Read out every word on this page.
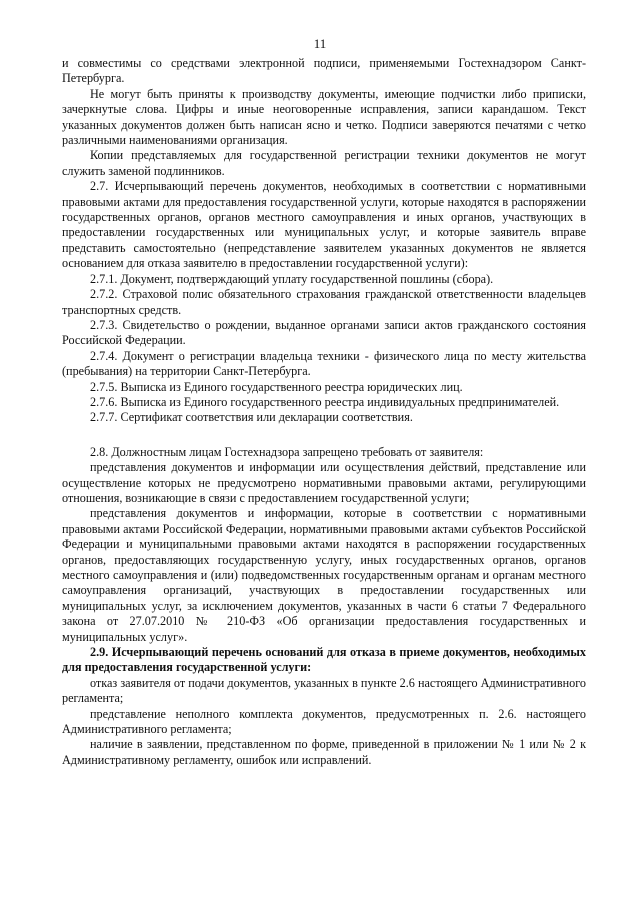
11

и совместимы со средствами электронной подписи, применяемыми Гостехнадзором Санкт-Петербурга.

Не могут быть приняты к производству документы, имеющие подчистки либо приписки, зачеркнутые слова. Цифры и иные неоговоренные исправления, записи карандашом. Текст указанных документов должен быть написан ясно и четко. Подписи заверяются печатями с четко различными наименованиями организация.

Копии представляемых для государственной регистрации техники документов не могут служить заменой подлинников.

2.7. Исчерпывающий перечень документов, необходимых в соответствии с нормативными правовыми актами для предоставления государственной услуги, которые находятся в распоряжении государственных органов, органов местного самоуправления и иных органов, участвующих в предоставлении государственных или муниципальных услуг, и которые заявитель вправе представить самостоятельно (непредставление заявителем указанных документов не является основанием для отказа заявителю в предоставлении государственной услуги):

2.7.1. Документ, подтверждающий уплату государственной пошлины (сбора).

2.7.2. Страховой полис обязательного страхования гражданской ответственности владельцев транспортных средств.

2.7.3. Свидетельство о рождении, выданное органами записи актов гражданского состояния Российской Федерации.

2.7.4. Документ о регистрации владельца техники - физического лица по месту жительства (пребывания) на территории Санкт-Петербурга.

2.7.5. Выписка из Единого государственного реестра юридических лиц.

2.7.6. Выписка из Единого государственного реестра индивидуальных предпринимателей.

2.7.7. Сертификат соответствия или декларации соответствия.

2.8. Должностным лицам Гостехнадзора запрещено требовать от заявителя:

представления документов и информации или осуществления действий, представление или осуществление которых не предусмотрено нормативными правовыми актами, регулирующими отношения, возникающие в связи с предоставлением государственной услуги;

представления документов и информации, которые в соответствии с нормативными правовыми актами Российской Федерации, нормативными правовыми актами субъектов Российской Федерации и муниципальными правовыми актами находятся в распоряжении государственных органов, предоставляющих государственную услугу, иных государственных органов, органов местного самоуправления и (или) подведомственных государственным органам и органам местного самоуправления организаций, участвующих в предоставлении государственных или муниципальных услуг, за исключением документов, указанных в части 6 статьи 7 Федерального закона от 27.07.2010 № 210-ФЗ «Об организации предоставления государственных и муниципальных услуг».

2.9. Исчерпывающий перечень оснований для отказа в приеме документов, необходимых для предоставления государственной услуги:

отказ заявителя от подачи документов, указанных в пункте 2.6 настоящего Административного регламента;

представление неполного комплекта документов, предусмотренных п. 2.6. настоящего Административного регламента;

наличие в заявлении, представленном по форме, приведенной в приложении № 1 или № 2 к Административному регламенту, ошибок или исправлений.
